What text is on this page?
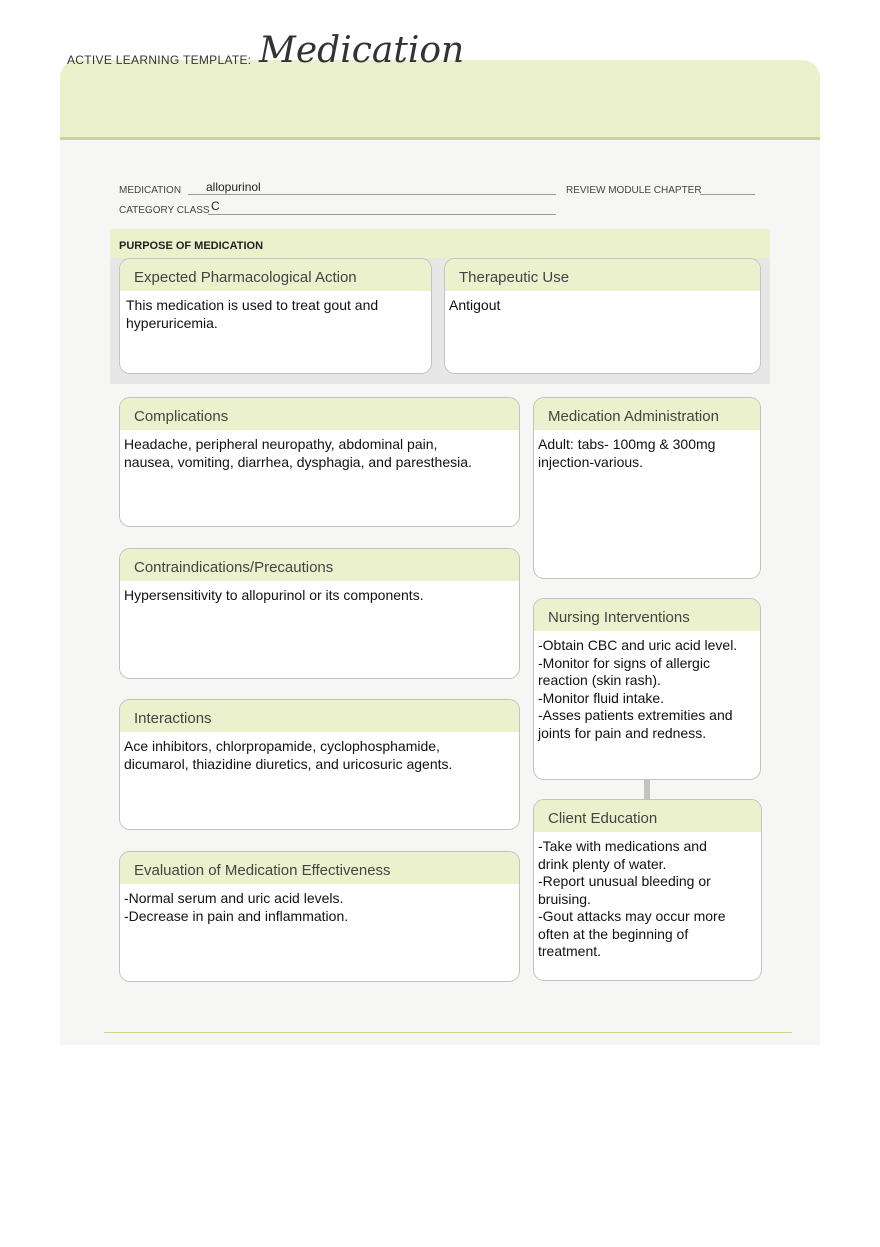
ACTIVE LEARNING TEMPLATE: Medication
MEDICATION allopurinol	REVIEW MODULE CHAPTER
CATEGORY CLASS C
PURPOSE OF MEDICATION
Expected Pharmacological Action
This medication is used to treat gout and
hyperuricemia.
Therapeutic Use
Antigout
Complications
Headache, peripheral neuropathy, abdominal pain,
nausea, vomiting, diarrhea, dysphagia, and paresthesia.
Contraindications/Precautions
Hypersensitivity to allopurinol or its components.
Interactions
Ace inhibitors, chlorpropamide, cyclophosphamide,
dicumarol, thiazidine diuretics, and uricosuric agents.
Evaluation of Medication Effectiveness
-Normal serum and uric acid levels.
-Decrease in pain and inflammation.
Medication Administration
Adult: tabs- 100mg & 300mg
injection-various.
Nursing Interventions
-Obtain CBC and uric acid level.
-Monitor for signs of allergic
reaction (skin rash).
-Monitor fluid intake.
-Asses patients extremities and
joints for pain and redness.
Client Education
-Take with medications and
drink plenty of water.
-Report unusual bleeding or
bruising.
-Gout attacks may occur more
often at the beginning of
treatment.
